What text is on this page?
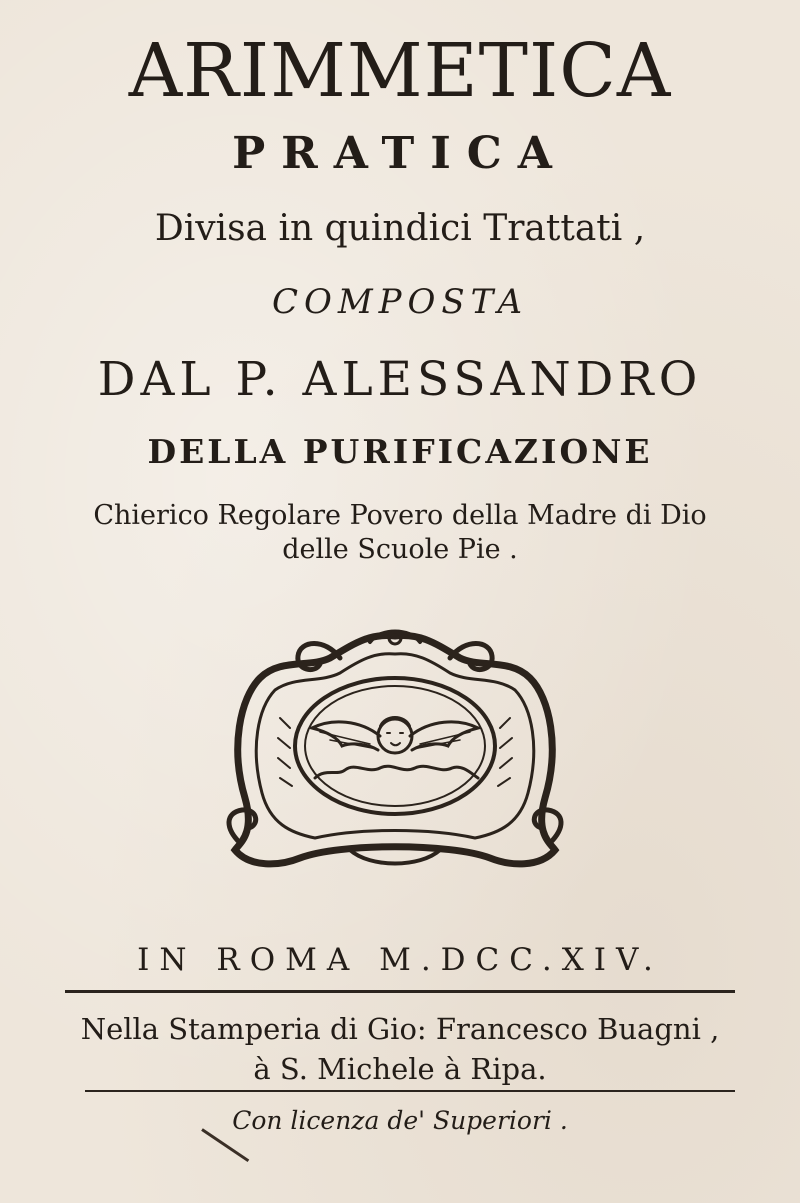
ARIMMETICA
PRATICA
Divisa in quindici Trattati ,
COMPOSTA
DAL P. ALESSANDRO
DELLA PURIFICAZIONE
Chierico Regolare Povero della Madre di Dio
delle Scuole Pie .
IN ROMA M.DCC.XIV.
Nella Stamperia di Gio: Francesco Buagni ,
à S. Michele à Ripa.
Con licenza de' Superiori .
